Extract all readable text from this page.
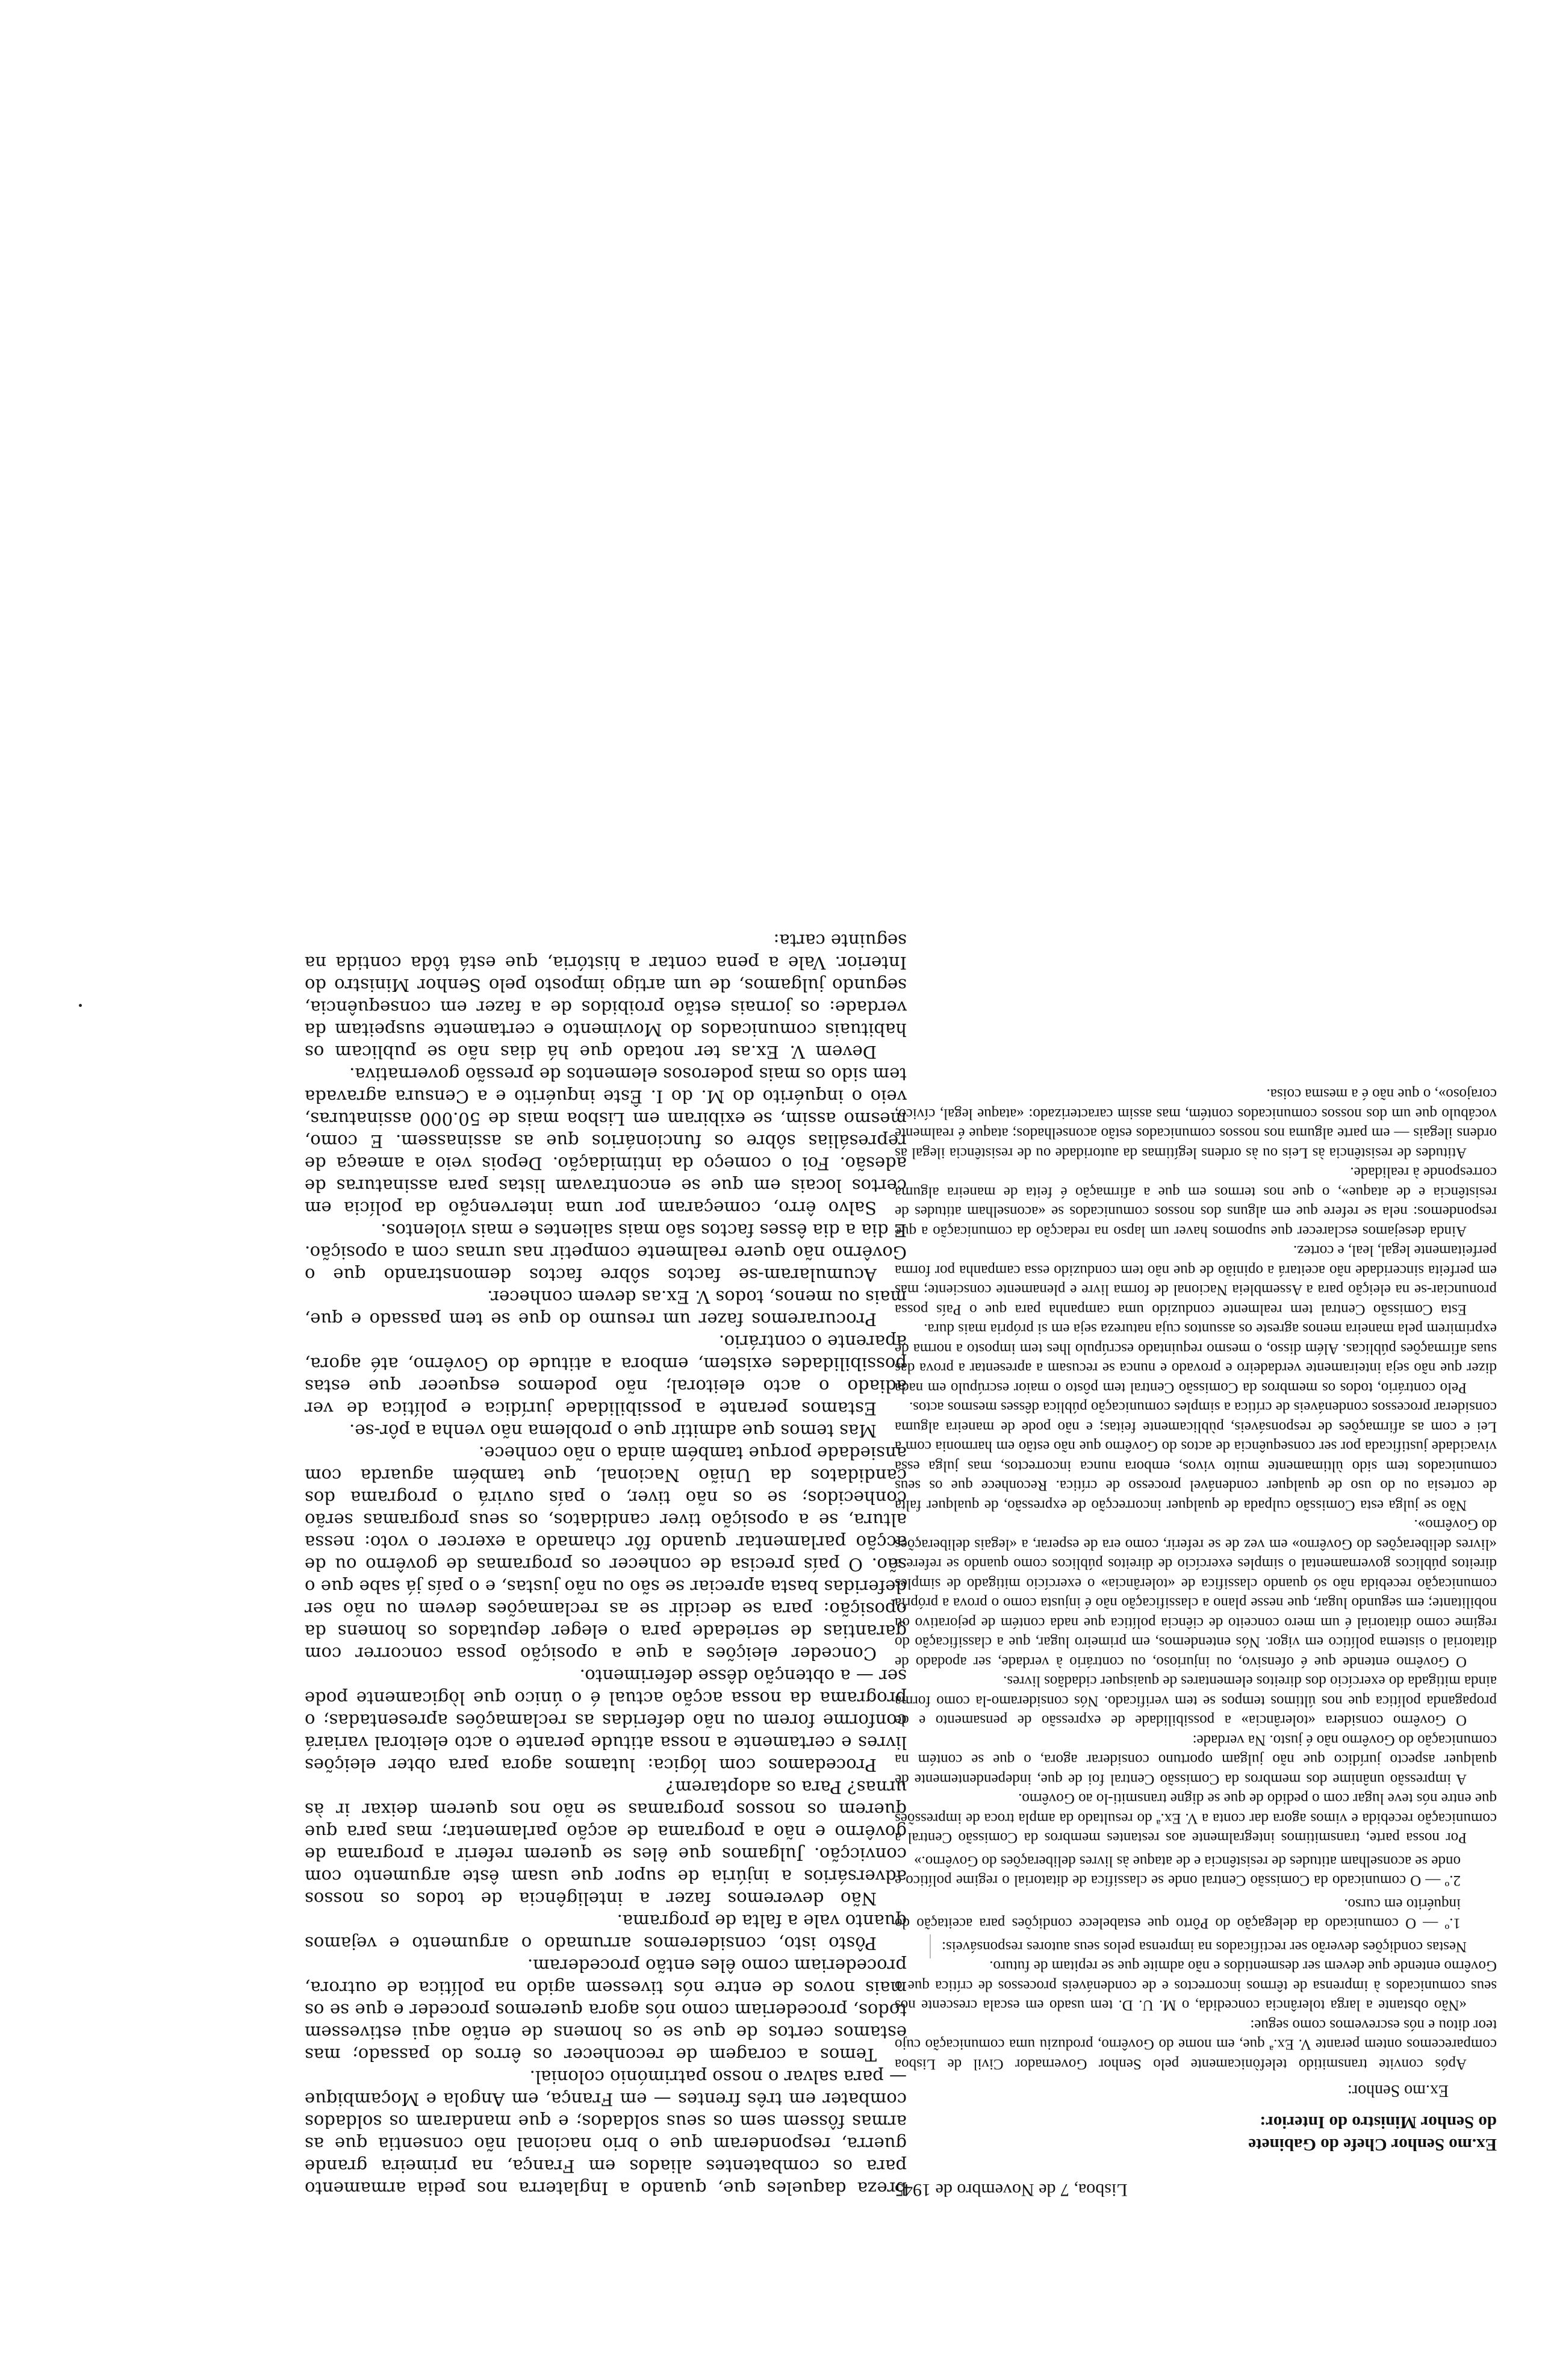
breza daqueles que, quando a Inglaterra nos pedia armamento para os combatentes aliados em França, na primeira grande guerra, responderam que o brio nacional não consentia que as armas fôssem sem os seus soldados; e que mandaram os soldados combater em três frentes — em França, em Angola e Moçambique — para salvar o nosso património colonial.

Temos a coragem de reconhecer os êrros do passado; mas estamos certos de que se os homens de então aqui estivessem todos, procederiam como nós agora queremos proceder e que se os mais novos de entre nós tivessem agido na política de outrora, procederiam como êles então procederam.

Pôsto isto, consideremos arrumado o argumento e vejamos quanto vale a falta de programa.

Não deveremos fazer a inteligência de todos os nossos adversários a injúria de supor que usam êste argumento com convicção. Julgamos que êles se querem referir a programa de govêrno e não a programa de acção parlamentar; mas para que querem os nossos programas se não nos querem deixar ir às urnas? Para os adoptarem?

Procedamos com lógica: lutamos agora para obter eleições livres e certamente a nossa atitude perante o acto eleitoral variará conforme forem ou não deferidas as reclamações apresentadas; o programa da nossa acção actual é o único que lògicamente pode ser — a obtenção dêsse deferimento.

Conceder eleições a que a oposição possa concorrer com garantias de seriedade para o eleger deputados os homens da oposição: para se decidir se as reclamações devem ou não ser deferidas basta apreciar se são ou não justas, e o país já sabe que o são. O país precisa de conhecer os programas de govêrno ou de acção parlamentar quando fôr chamado a exercer o voto: nessa altura, se a oposição tiver candidatos, os seus programas serão conhecidos; se os não tiver, o país ouvirá o programa dos candidatos da União Nacional, que também aguarda com ansiedade porque também ainda o não conhece.

Mas temos que admitir que o problema não venha a pôr-se.

Estamos perante a possibilidade jurídica e política de ver adiado o acto eleitoral; não podemos esquecer que estas possibilidades existem, embora a atitude do Govêrno, até agora, aparente o contrário.

Procuraremos fazer um resumo do que se tem passado e que, mais ou menos, todos V. Ex.as devem conhecer.

Acumularam-se factos sôbre factos demonstrando que o Govêrno não quere realmente competir nas urnas com a oposição. E dia a dia êsses factos são mais salientes e mais violentos.

Salvo êrro, começaram por uma intervenção da polícia em certos locais em que se encontravam listas para assinaturas de adesão. Foi o começo da intimidação. Depois veio a ameaça de represálias sôbre os funcionários que as assinassem. E como, mesmo assim, se exibiram em Lisboa mais de 50.000 assinaturas, veio o inquérito do M. do I. Êste inquérito e a Censura agravada tem sido os mais poderosos elementos de pressão governativa.

Devem V. Ex.as ter notado que há dias não se publicam os habituais comunicados do Movimento e certamente suspeitam da verdade: os jornais estão proibidos de a fazer em consequência, segundo julgamos, de um artigo imposto pelo Senhor Ministro do Interior. Vale a pena contar a história, que está tôda contida na seguinte carta:

Lisboa, 7 de Novembro de 1945

Ex.mo Senhor Chefe do Gabinete

do Senhor Ministro do Interior:

Ex.mo Senhor:

Após convite transmitido telefònicamente pelo Senhor Governador Civil de Lisboa comparecemos ontem perante V. Ex.ª que, em nome do Govêrno, produziu uma comunicação cujo teor ditou e nós escrevemos como segue:

«Não obstante a larga tolerância concedida, o M. U. D. tem usado em escala crescente nos seus comunicados à imprensa de têrmos incorrectos e de condenáveis processos de crítica que o Govêrno entende que devem ser desmentidos e não admite que se repitam de futuro.

Nestas condições deverão ser rectificados na imprensa pelos seus autores responsáveis:

1.º — O comunicado da delegação do Pôrto que estabelece condições para aceitação do inquérito em curso.

2.º — O comunicado da Comissão Central onde se classifica de ditatorial o regime político e onde se aconselham atitudes de resistência e de ataque às livres deliberações do Govêrno.»

Por nossa parte, transmitimos integralmente aos restantes membros da Comissão Central a comunicação recebida e vimos agora dar conta a V. Ex.ª do resultado da ampla troca de impressões que entre nós teve lugar com o pedido de que se digne transmiti-lo ao Govêrno.

A impressão unânime dos membros da Comissão Central foi de que, independentemente de qualquer aspecto jurídico que não julgam oportuno considerar agora, o que se contém na comunicação do Govêrno não é justo. Na verdade:

O Govêrno considera «tolerância» a possibilidade de expressão de pensamento e de propaganda política que nos últimos tempos se tem verificado. Nós consideramo-la como forma ainda mitigada do exercício dos direitos elementares de quaisquer cidadãos livres.

O Govêrno entende que é ofensivo, ou injurioso, ou contrário à verdade, ser apodado de ditatorial o sistema político em vigor. Nós entendemos, em primeiro lugar, que a classificação do regime como ditatorial é um mero conceito de ciência política que nada contém de pejorativo ou nobilitante; em segundo lugar, que nesse plano a classificação não é injusta como o prova a própria comunicação recebida não só quando classifica de «tolerância» o exercício mitigado de simples direitos públicos governamental o simples exercício de direitos públicos como quando se refere a «livres deliberações do Govêrno» em vez de se referir, como era de esperar, a «legais deliberações do Govêrno».

Não se julga esta Comissão culpada de qualquer incorrecção de expressão, de qualquer falta de cortesia ou do uso de qualquer condenável processo de crítica. Reconhece que os seus comunicados tem sido ùltimamente muito vivos, embora nunca incorrectos, mas julga essa vivacidade justificada por ser consequência de actos do Govêrno que não estão em harmonia com a Lei e com as afirmações de responsáveis, pùblicamente feitas; e não pode de maneira alguma considerar processos condenáveis de crítica a simples comunicação pública dêsses mesmos actos.

Pelo contrário, todos os membros da Comissão Central tem pôsto o maior escrúpulo em nada dizer que não seja inteiramente verdadeiro e provado e nunca se recusam a apresentar a prova das suas afirmações públicas. Além disso, o mesmo requintado escrúpulo lhes tem imposto a norma de exprimirem pela maneira menos agreste os assuntos cuja natureza seja em si própria mais dura.

Esta Comissão Central tem realmente conduzido uma campanha para que o País possa pronunciar-se na eleição para a Assembleia Nacional de forma livre e plenamente consciente; mas em perfeita sinceridade não aceitará a opinião de que não tem conduzido essa campanha por forma perfeitamente legal, leal, e cortez.

Ainda desejamos esclarecer que supomos haver um lapso na redacção da comunicação a que respondemos: nela se refere que em alguns dos nossos comunicados se «aconselham atitudes de resistência e de ataque», o que nos termos em que a afirmação é feita de maneira alguma corresponde à realidade.

Atitudes de resistência às Leis ou às ordens legítimas da autoridade ou de resistência ilegal às ordens ilegais — em parte alguma nos nossos comunicados estão aconselhados; ataque é realmente vocábulo que um dos nossos comunicados contém, mas assim caracterizado: «ataque legal, cívico, corajoso», o que não é a mesma coisa.
